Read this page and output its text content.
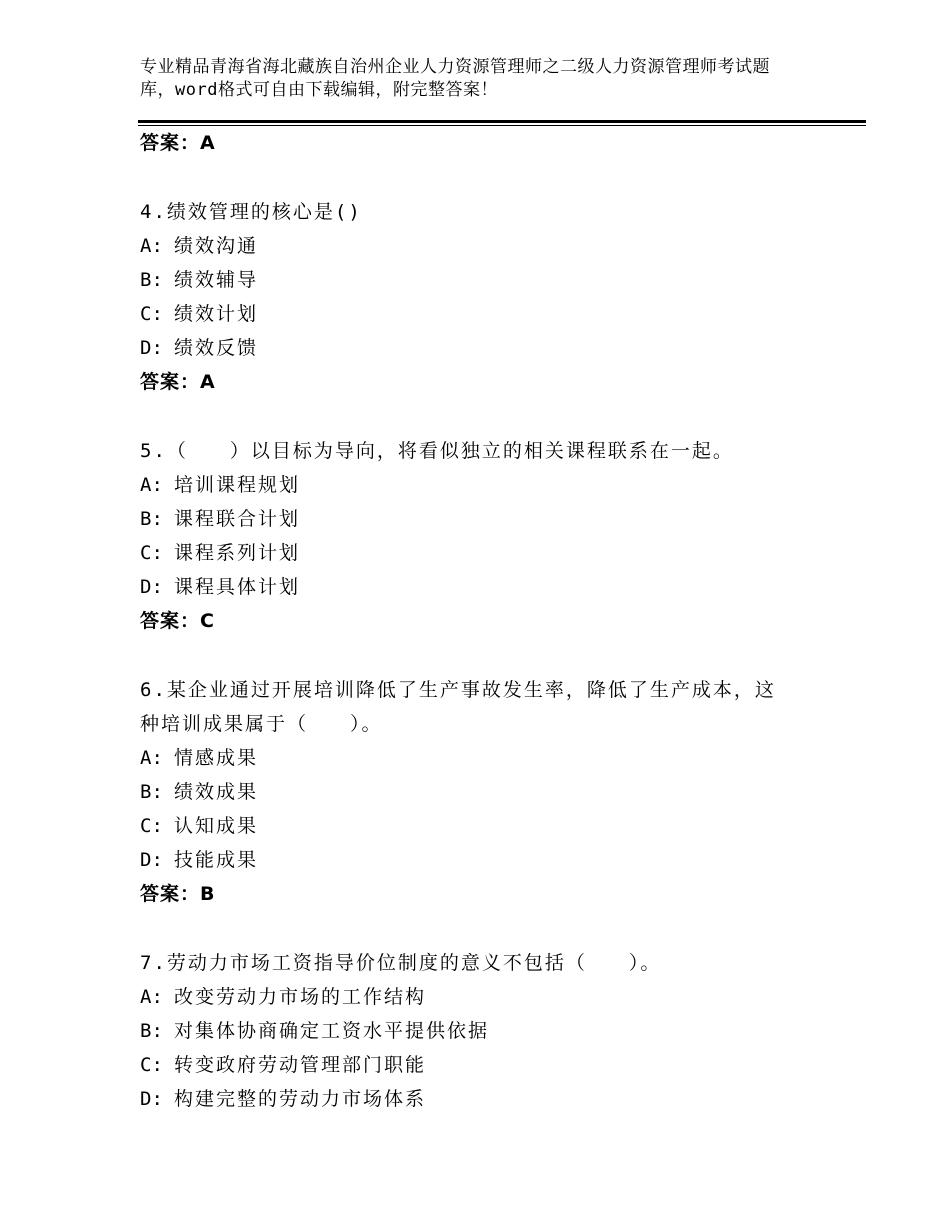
专业精品青海省海北藏族自治州企业人力资源管理师之二级人力资源管理师考试题
库，word格式可自由下载编辑，附完整答案！
答案：A
4.绩效管理的核心是()
A: 绩效沟通
B: 绩效辅导
C: 绩效计划
D: 绩效反馈
答案：A
5.（　　）以目标为导向，将看似独立的相关课程联系在一起。
A: 培训课程规划
B: 课程联合计划
C: 课程系列计划
D: 课程具体计划
答案：C
6.某企业通过开展培训降低了生产事故发生率，降低了生产成本，这
种培训成果属于（　　）。
A: 情感成果
B: 绩效成果
C: 认知成果
D: 技能成果
答案：B
7.劳动力市场工资指导价位制度的意义不包括（　　）。
A: 改变劳动力市场的工作结构
B: 对集体协商确定工资水平提供依据
C: 转变政府劳动管理部门职能
D: 构建完整的劳动力市场体系
